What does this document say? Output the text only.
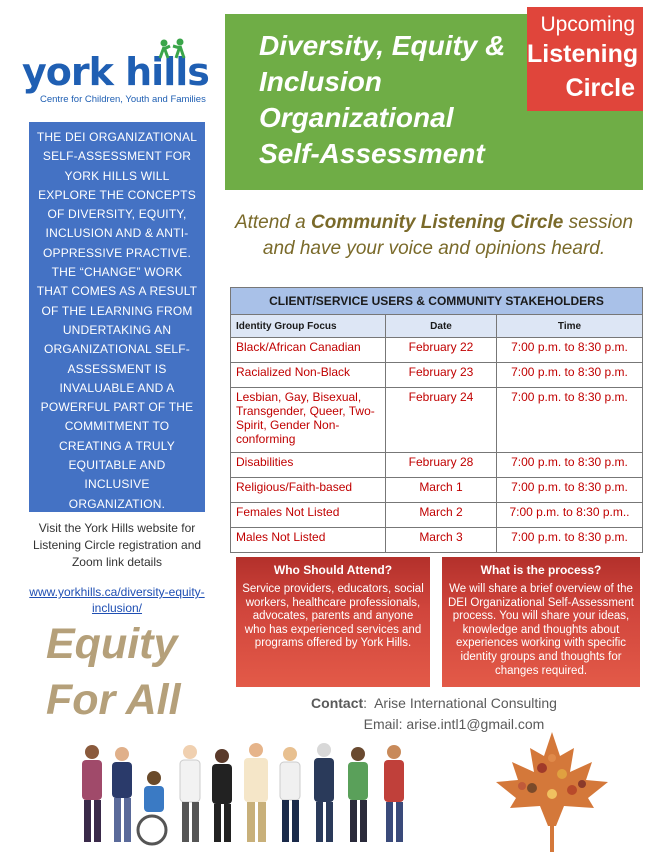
york hills
Centre for Children, Youth and Families
Diversity, Equity &
Inclusion
Organizational
Self-Assessment
Upcoming
Listening
Circle
THE DEI ORGANIZATIONAL SELF-ASSESSMENT FOR YORK HILLS WILL EXPLORE THE CONCEPTS OF DIVERSITY, EQUITY, INCLUSION AND & ANTI-OPPRESSIVE PRACTIVE. THE “CHANGE” WORK THAT COMES AS A RESULT OF THE LEARNING FROM UNDERTAKING AN ORGANIZATIONAL SELF-ASSESSMENT IS INVALUABLE AND A POWERFUL PART OF THE COMMITMENT TO CREATING A TRULY EQUITABLE AND INCLUSIVE ORGANIZATION.
Visit the York Hills website for Listening Circle registration and Zoom link details
www.yorkhills.ca/diversity-equity-inclusion/
Equity
For All
Attend a Community Listening Circle session and have your voice and opinions heard.
CLIENT/SERVICE USERS & COMMUNITY STAKEHOLDERS		
Identity Group Focus	Date	Time
Black/African Canadian	February 22	7:00 p.m. to 8:30 p.m.
Racialized Non-Black	February 23	7:00 p.m. to 8:30 p.m.
Lesbian, Gay, Bisexual, Transgender, Queer, Two-Spirit, Gender Non-conforming	February 24	7:00 p.m. to 8:30 p.m.
Disabilities	February 28	7:00 p.m. to 8:30 p.m.
Religious/Faith-based	March 1	7:00 p.m. to 8:30 p.m.
Females Not Listed	March 2	7:00 p.m. to 8:30 p.m..
Males Not Listed	March 3	7:00 p.m. to 8:30 p.m.
Who Should Attend?
Service providers, educators, social workers, healthcare professionals, advocates, parents and anyone who has experienced services and programs offered by York Hills.
What is the process?
We will share a brief overview of the DEI Organizational Self-Assessment process. You will share your ideas, knowledge and thoughts about experiences working with specific identity groups and thoughts for changes required.
Contact:  Arise International Consulting
Email: arise.intl1@gmail.com
